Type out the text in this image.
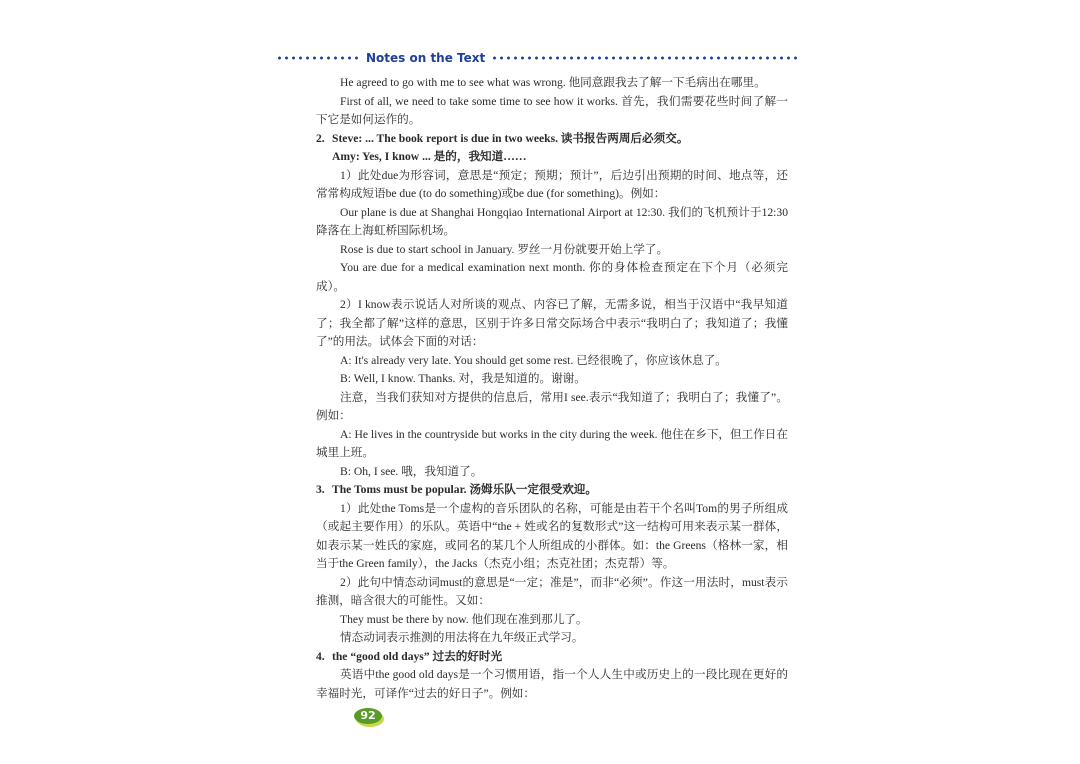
Notes on the Text

He agreed to go with me to see what was wrong. 他同意跟我去了解一下毛病出在哪里。

First of all, we need to take some time to see how it works. 首先，我们需要花些时间了解一下它是如何运作的。

2. Steve: ... The book report is due in two weeks. 读书报告两周后必须交。

Amy: Yes, I know ... 是的，我知道……

1）此处due为形容词，意思是“预定；预期；预计”，后边引出预期的时间、地点等，还常常构成短语be due (to do something)或be due (for something)。例如：

Our plane is due at Shanghai Hongqiao International Airport at 12:30. 我们的飞机预计于12:30降落在上海虹桥国际机场。

Rose is due to start school in January. 罗丝一月份就要开始上学了。

You are due for a medical examination next month. 你的身体检查预定在下个月（必须完成）。

2）I know表示说话人对所谈的观点、内容已了解，无需多说，相当于汉语中“我早知道了；我全都了解”这样的意思，区别于许多日常交际场合中表示“我明白了；我知道了；我懂了”的用法。试体会下面的对话：

A: It's already very late. You should get some rest. 已经很晚了，你应该休息了。

B: Well, I know. Thanks. 对，我是知道的。谢谢。

注意，当我们获知对方提供的信息后，常用I see.表示“我知道了；我明白了；我懂了”。例如：

A: He lives in the countryside but works in the city during the week. 他住在乡下，但工作日在城里上班。

B: Oh, I see. 哦，我知道了。

3. The Toms must be popular. 汤姆乐队一定很受欢迎。

1）此处the Toms是一个虚构的音乐团队的名称，可能是由若干个名叫Tom的男子所组成（或起主要作用）的乐队。英语中“the + 姓或名的复数形式”这一结构可用来表示某一群体，如表示某一姓氏的家庭，或同名的某几个人所组成的小群体。如：the Greens（格林一家，相当于the Green family），the Jacks（杰克小组；杰克社团；杰克帮）等。

2）此句中情态动词must的意思是“一定；准是”，而非“必须”。作这一用法时，must表示推测，暗含很大的可能性。又如：

They must be there by now. 他们现在准到那儿了。

情态动词表示推测的用法将在九年级正式学习。

4. the “good old days” 过去的好时光

英语中the good old days是一个习惯用语，指一个人人生中或历史上的一段比现在更好的幸福时光，可译作“过去的好日子”。例如：

92
